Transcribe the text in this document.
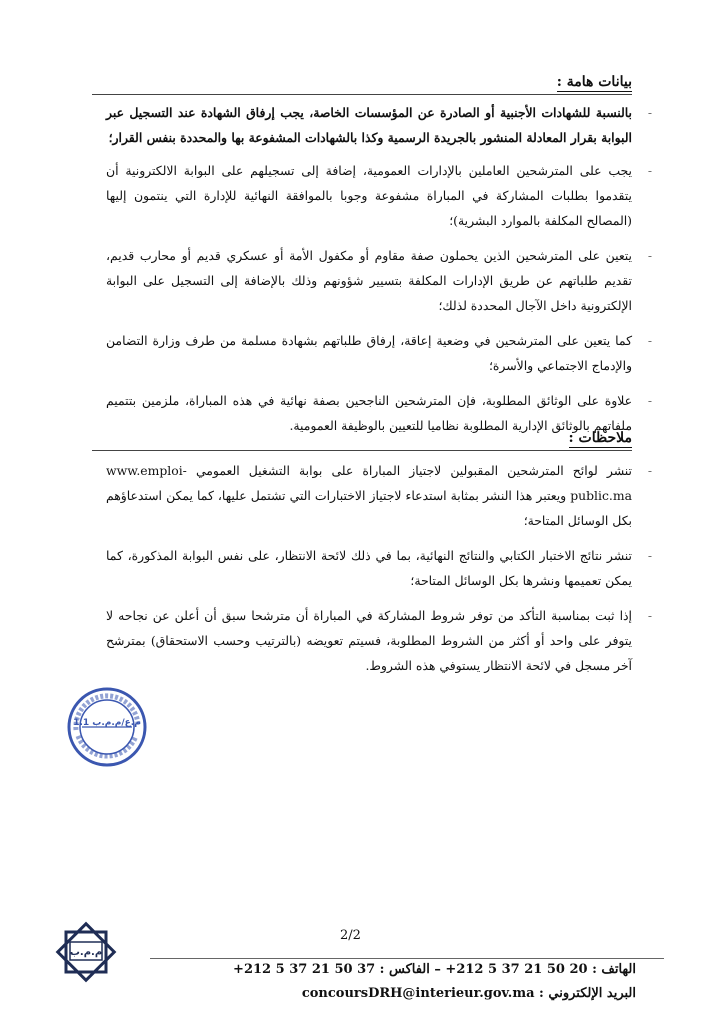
بيانات هامة :
-
بالنسبة للشهادات الأجنبية أو الصادرة عن المؤسسات الخاصة، يجب إرفاق الشهادة عند التسجيل عبر البوابة بقرار المعادلة المنشور بالجريدة الرسمية وكذا بالشهادات المشفوعة بها والمحددة بنفس القرار؛
-
يجب على المترشحين العاملين بالإدارات العمومية، إضافة إلى تسجيلهم على البوابة الالكترونية أن يتقدموا بطلبات المشاركة في المباراة مشفوعة وجوبا بالموافقة النهائية للإدارة التي ينتمون إليها (المصالح المكلفة بالموارد البشرية)؛
-
يتعين على المترشحين الذين يحملون صفة مقاوم أو مكفول الأمة أو عسكري قديم أو محارب قديم، تقديم طلباتهم عن طريق الإدارات المكلفة بتسيير شؤونهم وذلك بالإضافة إلى التسجيل على البوابة الإلكترونية داخل الآجال المحددة لذلك؛
-
كما يتعين على المترشحين في وضعية إعاقة، إرفاق طلباتهم بشهادة مسلمة من طرف وزارة التضامن والإدماج الاجتماعي والأسرة؛
-
علاوة على الوثائق المطلوبة، فإن المترشحين الناجحين بصفة نهائية في هذه المباراة، ملزمين بتتميم ملفاتهم بالوثائق الإدارية المطلوبة نظاميا للتعيين بالوظيفة العمومية.
ملاحظات :
-
تنشر لوائح المترشحين المقبولين لاجتياز المباراة على بوابة التشغيل العمومي www.emploi-public.ma ويعتبر هذا النشر بمثابة استدعاء لاجتياز الاختبارات التي تشتمل عليها، كما يمكن استدعاؤهم بكل الوسائل المتاحة؛
-
تنشر نتائج الاختبار الكتابي والنتائج النهائية، بما في ذلك لائحة الانتظار، على نفس البوابة المذكورة، كما يمكن تعميمها ونشرها بكل الوسائل المتاحة؛
-
إذا ثبت بمناسبة التأكد من توفر شروط المشاركة في المباراة أن مترشحا سبق أن أعلن عن نجاحه لا يتوفر على واحد أو أكثر من الشروط المطلوبة، فسيتم تعويضه (بالترتيب وحسب الاستحقاق) بمترشح آخر مسجل في لائحة الانتظار يستوفي هذه الشروط.
م.ع/م.م.ب 1.1
2/2
م.م.ب
الهاتف : 20 50 21 37 5 212+ – الفاكس : 37 50 21 37 5 212+
البريد الإلكتروني : concoursDRH@interieur.gov.ma
